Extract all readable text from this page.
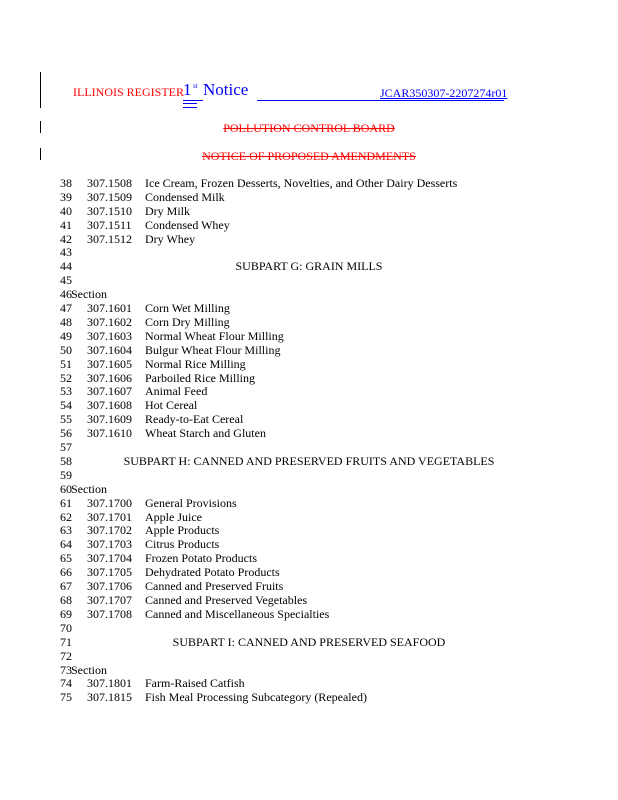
ILLINOIS REGISTER 1 st Notice	JCAR350307-2207274r01
POLLUTION CONTROL BOARD
NOTICE OF PROPOSED AMENDMENTS
38 307.1508 Ice Cream, Frozen Desserts, Novelties, and Other Dairy Desserts
39 307.1509 Condensed Milk
40 307.1510 Dry Milk
41 307.1511 Condensed Whey
42 307.1512 Dry Whey
43
44	SUBPART G: GRAIN MILLS
45
46 Section
47 307.1601 Corn Wet Milling
48 307.1602 Corn Dry Milling
49 307.1603 Normal Wheat Flour Milling
50 307.1604 Bulgur Wheat Flour Milling
51 307.1605 Normal Rice Milling
52 307.1606 Parboiled Rice Milling
53 307.1607 Animal Feed
54 307.1608 Hot Cereal
55 307.1609 Ready-to-Eat Cereal
56 307.1610 Wheat Starch and Gluten
57
58	SUBPART H: CANNED AND PRESERVED FRUITS AND VEGETABLES
59
60 Section
61 307.1700 General Provisions
62 307.1701 Apple Juice
63 307.1702 Apple Products
64 307.1703 Citrus Products
65 307.1704 Frozen Potato Products
66 307.1705 Dehydrated Potato Products
67 307.1706 Canned and Preserved Fruits
68 307.1707 Canned and Preserved Vegetables
69 307.1708 Canned and Miscellaneous Specialties
70
71	SUBPART I: CANNED AND PRESERVED SEAFOOD
72
73 Section
74 307.1801 Farm-Raised Catfish
75 307.1815 Fish Meal Processing Subcategory (Repealed)
